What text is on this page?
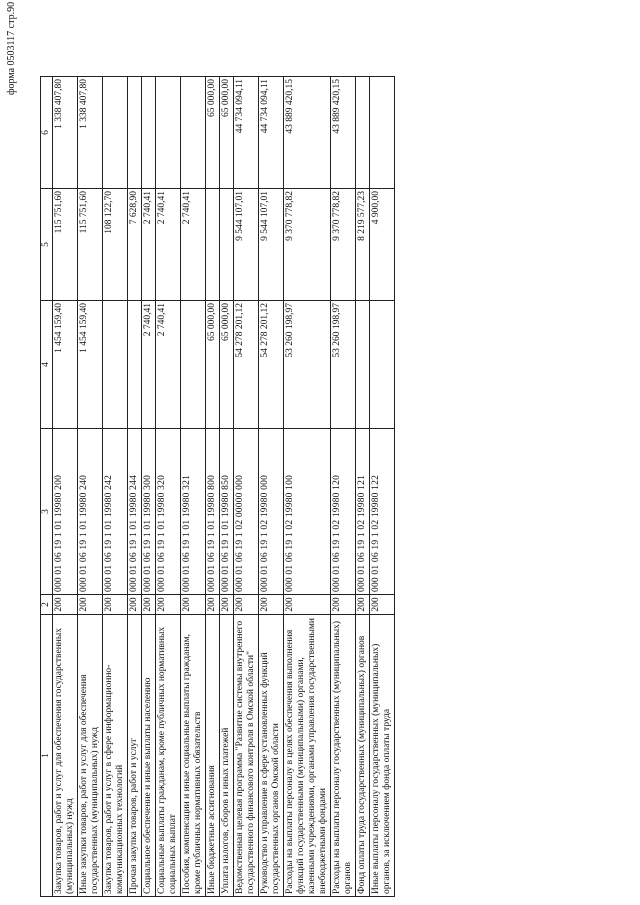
форма 0503117 стр.90
1	2	3	4	5	6
Закупка товаров, работ и услуг для обеспечения государственных (муниципальных) нужд	200	000 01 06 19 1 01 19980 200	1 454 159,40	115 751,60	1 338 407,80
Иные закупки товаров, работ и услуг для обеспечения государственных (муниципальных) нужд	200	000 01 06 19 1 01 19980 240	1 454 159,40	115 751,60	1 338 407,80
Закупка товаров, работ и услуг в сфере информационно-коммуникационных технологий	200	000 01 06 19 1 01 19980 242		108 122,70	
Прочая закупка товаров, работ и услуг	200	000 01 06 19 1 01 19980 244		7 628,90	
Социальное обеспечение и иные выплаты населению	200	000 01 06 19 1 01 19980 300	2 740,41	2 740,41	
Социальные выплаты гражданам, кроме публичных нормативных социальных выплат	200	000 01 06 19 1 01 19980 320	2 740,41	2 740,41	
Пособия, компенсации и иные социальные выплаты гражданам, кроме публичных нормативных обязательств	200	000 01 06 19 1 01 19980 321		2 740,41	
Иные бюджетные ассигнования	200	000 01 06 19 1 01 19980 800	65 000,00		65 000,00
Уплата налогов, сборов и иных платежей	200	000 01 06 19 1 01 19980 850	65 000,00		65 000,00
Ведомственная целевая программа "Развитие системы внутреннего государственного финансового контроля в Омской области"	200	000 01 06 19 1 02 00000 000	54 278 201,12	9 544 107,01	44 734 094,11
Руководство и управление в сфере установленных функций государственных органов Омской области	200	000 01 06 19 1 02 19980 000	54 278 201,12	9 544 107,01	44 734 094,11
Расходы на выплаты персоналу в целях обеспечения выполнения функций государственными (муниципальными) органами, казенными учреждениями, органами управления государственными внебюджетными фондами	200	000 01 06 19 1 02 19980 100	53 260 198,97	9 370 778,82	43 889 420,15
Расходы на выплаты персоналу государственных (муниципальных) органов	200	000 01 06 19 1 02 19980 120	53 260 198,97	9 370 778,82	43 889 420,15
Фонд оплаты труда государственных (муниципальных) органов	200	000 01 06 19 1 02 19980 121		8 219 577,23	
Иные выплаты персоналу государственных (муниципальных) органов, за исключением фонда оплаты труда	200	000 01 06 19 1 02 19980 122		4 900,00	
